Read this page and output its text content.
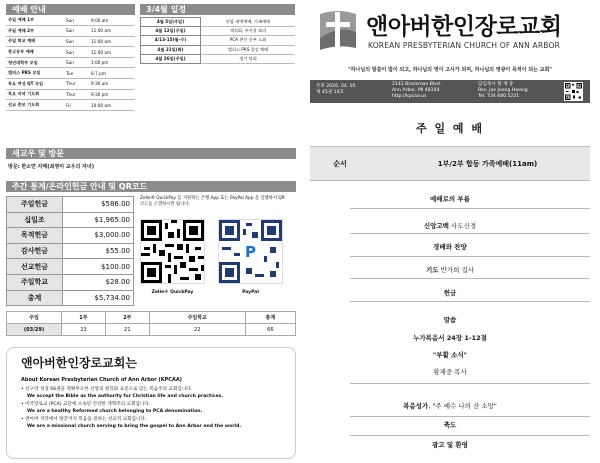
예배 안내
주일 예배 1부	Sun	9:00 am
주일 예배 2부	Sun	11:00 am
주일 학교 예배	Sun	11:00 am
중고등부 예배	Sun	11:00 am
청년대학부 모임	Sun	1:00 pm
캠퍼스 PRS 모임	Tue	6-7 pm
목요 여성 QT 모임	Thur	9:30 am
목요 저녁 기도회	Thur	9:30 pm
선교 중보 기도회	Fri	10:00 am
3/4월 일정
4월 5일(주일)	연합 새벽예배, 가족예배
4월 12일(주일)	제직회, 부서장 회의
4/13-15(월-수)	PCA 한인 중부 노회
4월 21일(화)	캠퍼스 PRS 종강 예배
4월 26일(주일)	정기 당회
새교우 및 방문
방문: 한소연 자매(최영미 교우의 자녀)
주간 통계/온라인헌금 안내 및 QR코드
주일헌금	$586.00
십일조	$1,965.00
목적헌금	$3,000.00
감사헌금	$55.00
선교헌금	$100.00
주일학교	$28.00
총계	$5,734.00
Zelle® QuickPay 를 지원하는 은행 App 또는 PayPal App 을 실행하셔 QR 코드를 스캔하시면 됩니다.
P
Zelle® QuickPay	PayPal
주일	1부	2부	주일학교	총계
(03/29)	23	21	22	66
앤아버한인장로교회는
About Korean Presbyterian Church of Ann Arbor (KPCAA)
• 신구약 성경 66권을 정확무오한 신앙의 원리와 표준으로 믿는 복음주의 교회입니다.
We accept the Bible as the authority for Christian life and church practices.
• 미국장로교 (PCA) 교단에 소속된 건강한 개혁주의 교회입니다.
We are a healthy Reformed church belonging to PCA denomination.
• 앤아버 지역에서 땅끝까지 복음을 전하는 선교적 교회입니다.
We are a missional church serving to bring the gospel to Ann Arbor and the world.
앤아버한인장로교회
KOREAN PRESBYTERIAN CHURCH OF ANN ARBOR
"하나님의 말씀이 법이 되고, 하나님의 영이 고사가 되며, 하나님의 영광이 목적이 되는 교회"
주후 2026. 04. 05.
제 45권 14호
2141 Brockman Blvd.
Ann Arbor, MI 48104
http://kpcaa.us
담임목사 황 재 중
Rev. Jae Joong Hwang
Tel. 734 680 5221
주 일 예 배
순서	1부/2부 합동 가족예배(11am)
예배로의 부름
신앙고백 사도신경
경배와 찬양
기도 반가희 집사
헌금
말씀
누가복음서 24장 1-12절
"부활 소식"
황재중 목사
복음성가, "주 예수 나의 산 소망"
축도
광고 및 환영
